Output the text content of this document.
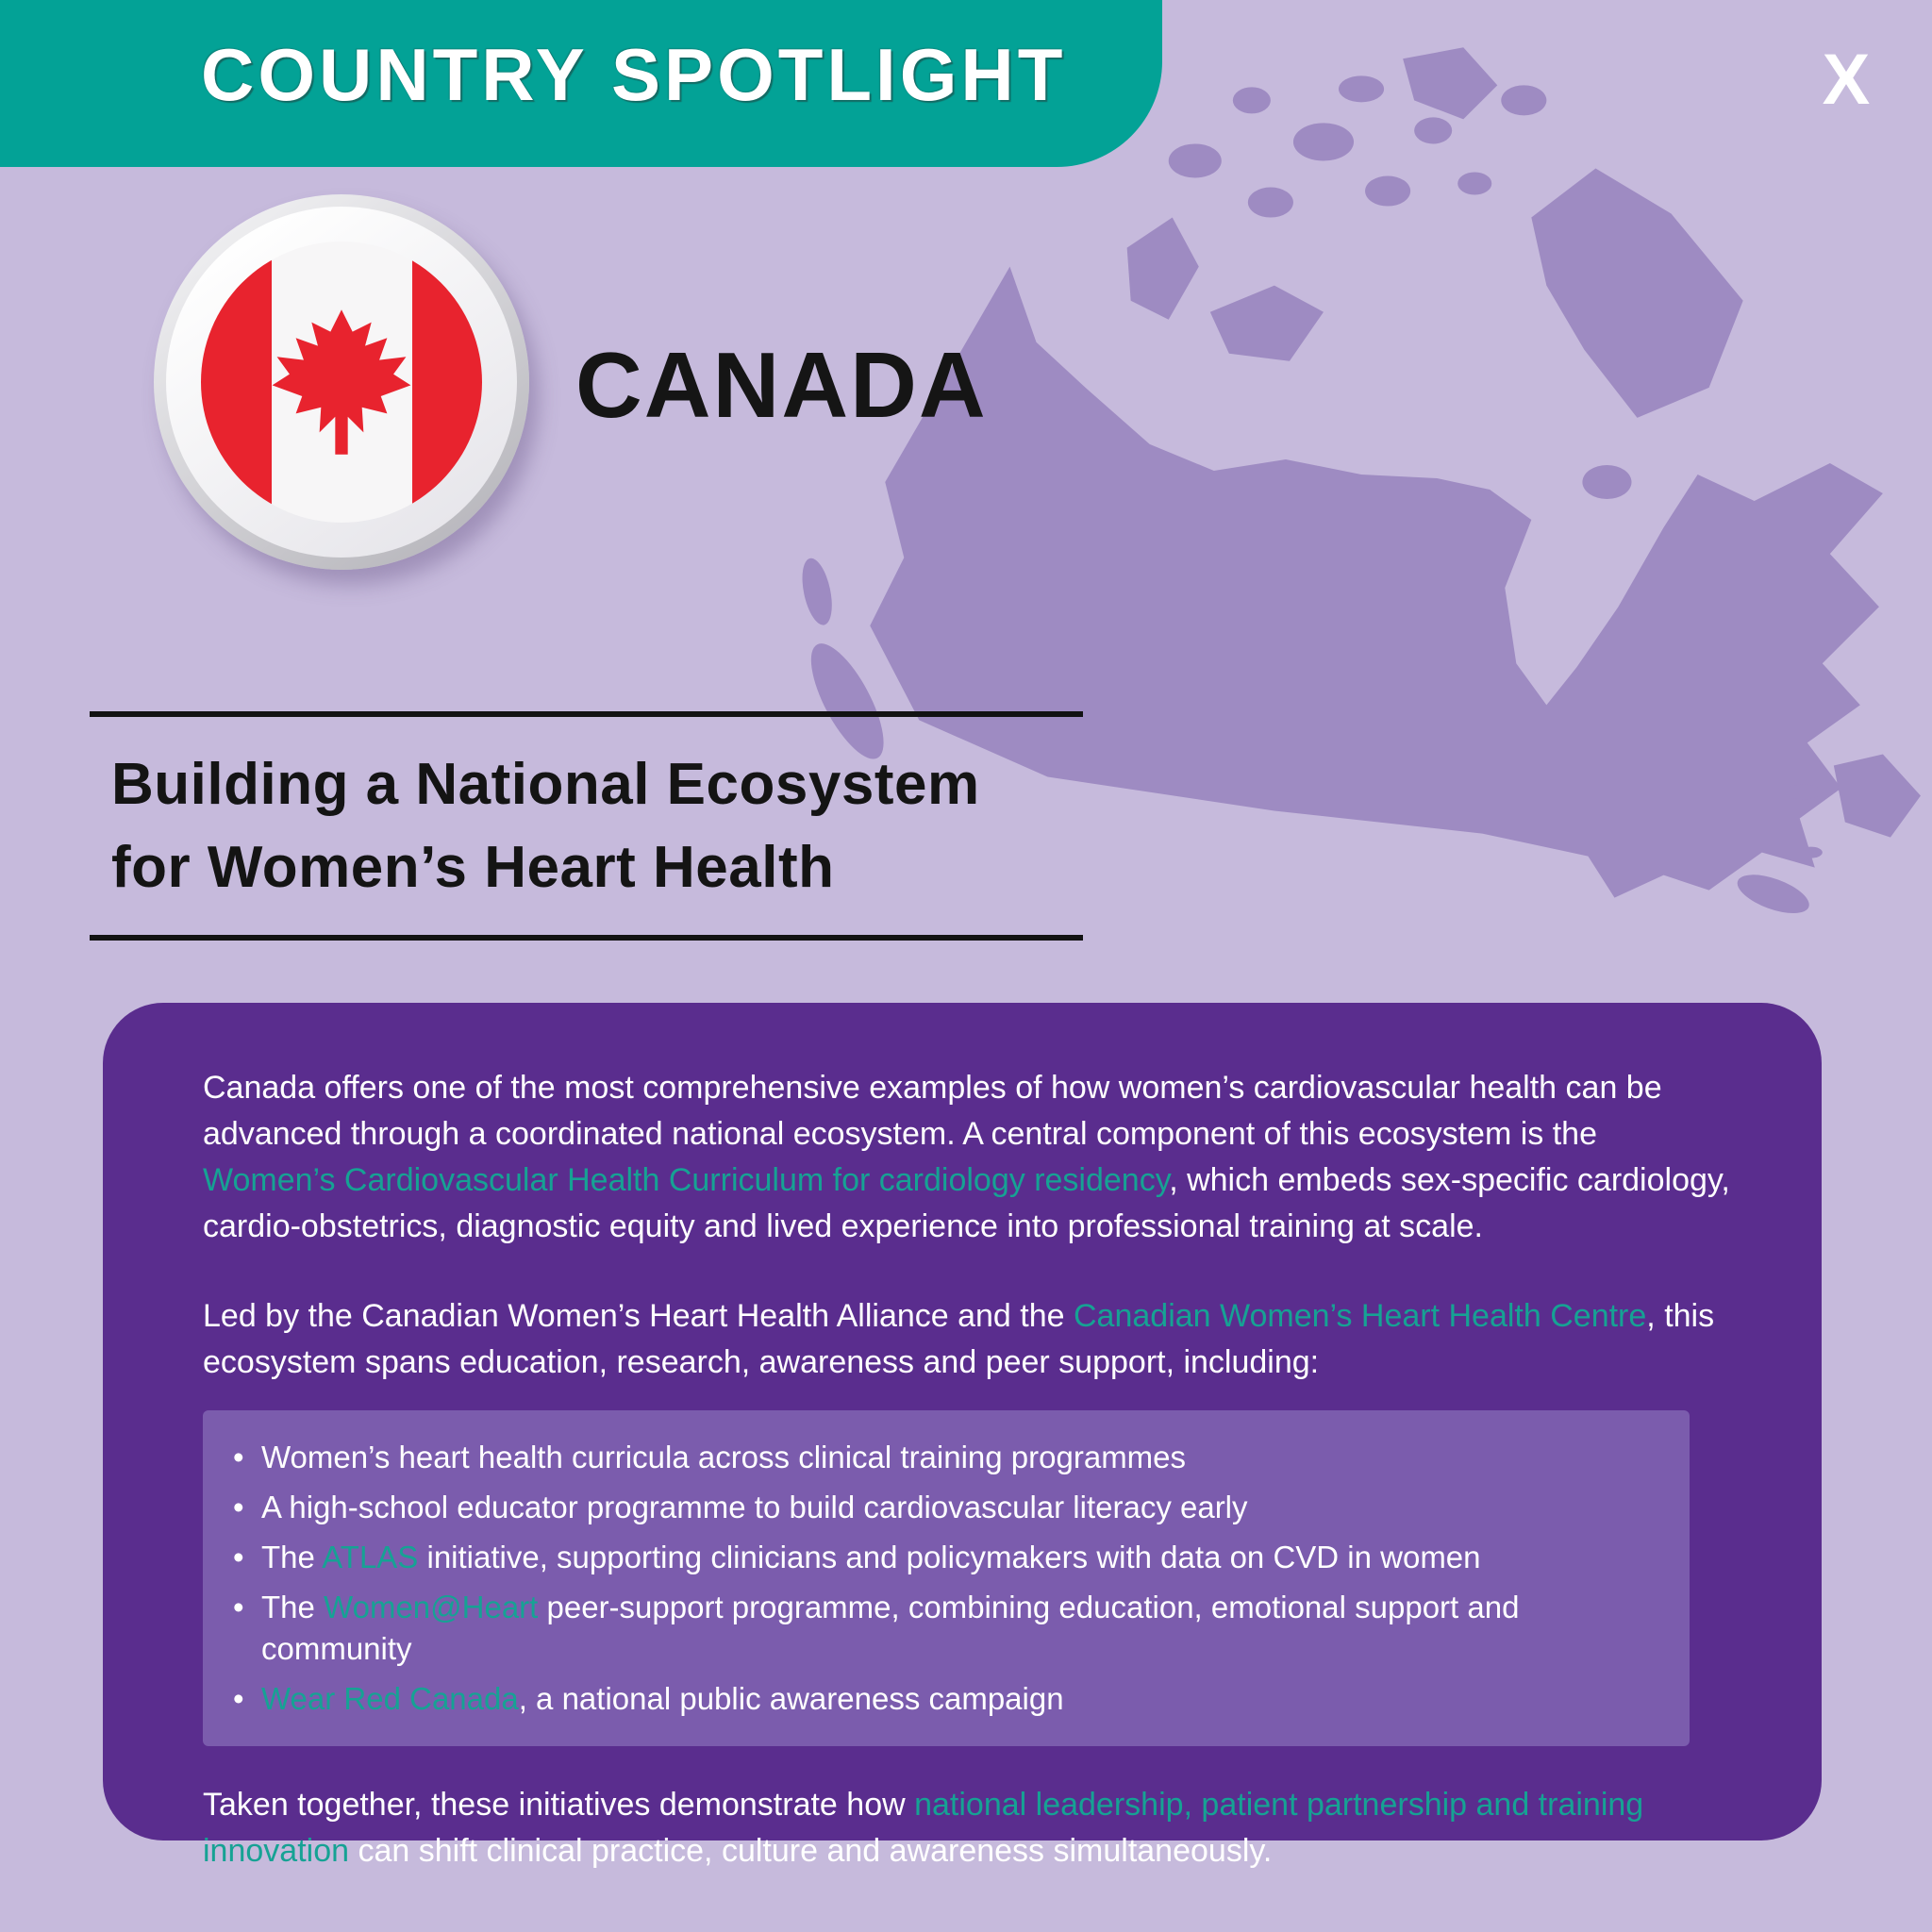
COUNTRY SPOTLIGHT	X
CANADA
Building a National Ecosystem
for Women’s Heart Health

Canada offers one of the most comprehensive examples of how women’s cardiovascular health can be advanced through a coordinated national ecosystem. A central component of this ecosystem is the Women’s Cardiovascular Health Curriculum for cardiology residency, which embeds sex-specific cardiology, cardio-obstetrics, diagnostic equity and lived experience into professional training at scale.

Led by the Canadian Women’s Heart Health Alliance and the Canadian Women’s Heart Health Centre, this ecosystem spans education, research, awareness and peer support, including:

• Women’s heart health curricula across clinical training programmes
• A high-school educator programme to build cardiovascular literacy early
• The ATLAS initiative, supporting clinicians and policymakers with data on CVD in women
• The Women@Heart peer-support programme, combining education, emotional support and community
• Wear Red Canada, a national public awareness campaign

Taken together, these initiatives demonstrate how national leadership, patient partnership and training innovation can shift clinical practice, culture and awareness simultaneously.
